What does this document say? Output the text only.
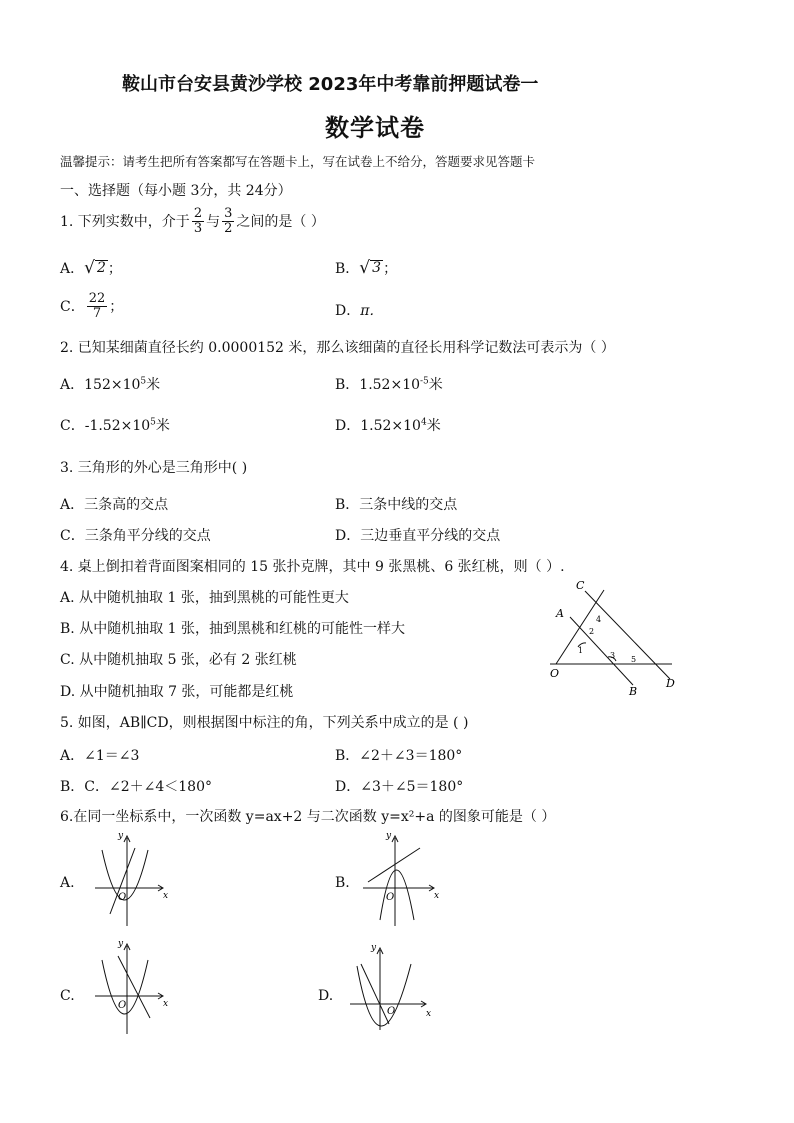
鞍山市台安县黄沙学校 2023年中考靠前押题试卷一
数学试卷
温馨提示：请考生把所有答案都写在答题卡上，写在试卷上不给分，答题要求见答题卡
一、选择题（每小题 3分，共 24分）
1. 下列实数中，介于 $\frac{2}{3}$ 与 $\frac{3}{2}$ 之间的是（ ）
A． √ 2 ；	B． √ 3 ；
C． $\frac{22}{7}$ ；	D．π．
2. 已知某细菌直径长约 0.0000152 米，那么该细菌的直径长用科学记数法可表示为（ ）
A．$152\times 10^5$米	B．$1.52\times 10^{-5}$米
C．$-1.52\times 10^5$米	D．$1.52\times 10^4$米
3. 三角形的外心是三角形中( )
A．三条高的交点	B．三条中线的交点
C．三条角平分线的交点	D．三边垂直平分线的交点
4. 桌上倒扣着背面图案相同的 15 张扑克牌，其中 9 张黑桃、6 张红桃，则（ ）.
A. 从中随机抽取 1 张，抽到黑桃的可能性更大
B. 从中随机抽取 1 张，抽到黑桃和红桃的可能性一样大
C. 从中随机抽取 5 张，必有 2 张红桃
D. 从中随机抽取 7 张，可能都是红桃
C
A
O
B
D
1
2
3
4
5
5. 如图，AB∥CD，则根据图中标注的角，下列关系中成立的是 ( )
A．∠1＝∠3	B．∠2＋∠3＝180°
B．C．∠2＋∠4＜180°	D．∠3＋∠5＝180°
6.在同一坐标系中，一次函数 y=ax+2 与二次函数 y=x²+a 的图象可能是（ ）
A.
y
x
O
B.
y
x
O
C.
y
x
O
D.
y
x
O
